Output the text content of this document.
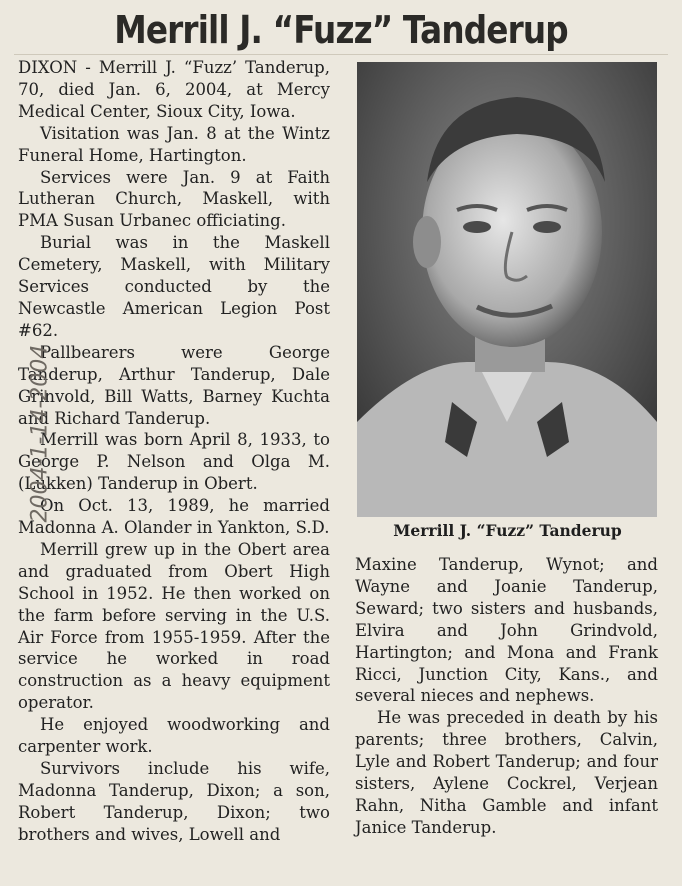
Merrill J. “Fuzz” Tanderup

DIXON - Merrill J. “Fuzz’ Tanderup, 70, died Jan. 6, 2004, at Mercy Medical Center, Sioux City, Iowa.

Visitation was Jan. 8 at the Wintz Funeral Home, Hartington.

Services were Jan. 9 at Faith Lutheran Church, Maskell, with PMA Susan Urbanec officiating.

Burial was in the Maskell Cemetery, Maskell, with Military Services conducted by the Newcastle American Legion Post #62.

Pallbearers were George Tanderup, Arthur Tanderup, Dale Grinvold, Bill Watts, Barney Kuchta and Richard Tanderup.

Merrill was born April 8, 1933, to George P. Nelson and Olga M. (Lukken) Tanderup in Obert.

On Oct. 13, 1989, he married Madonna A. Olander in Yankton, S.D.

Merrill grew up in the Obert area and graduated from Obert High School in 1952. He then worked on the farm before serving in the U.S. Air Force from 1955-1959. After the service he worked in road construction as a heavy equipment operator.

He enjoyed woodworking and carpenter work.

Survivors include his wife, Madonna Tanderup, Dixon; a son, Robert Tanderup, Dixon; two brothers and wives, Lowell and

Merrill J. “Fuzz” Tanderup

Maxine Tanderup, Wynot; and Wayne and Joanie Tanderup, Seward; two sisters and husbands, Elvira and John Grindvold, Hartington; and Mona and Frank Ricci, Junction City, Kans., and several nieces and nephews.

He was preceded in death by his parents; three brothers, Calvin, Lyle and Robert Tanderup; and four sisters, Aylene Cockrel, Verjean Rahn, Nitha Gamble and infant Janice Tanderup.

2004-1-14-2004
